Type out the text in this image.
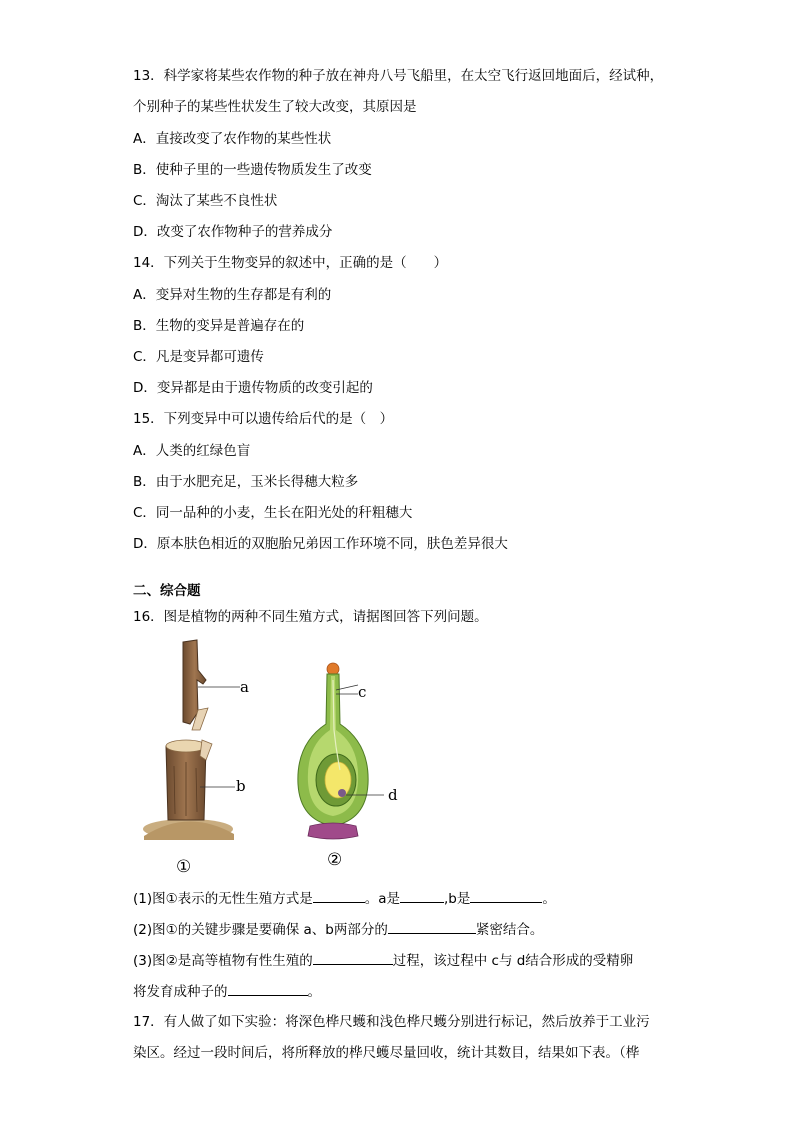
13．科学家将某些农作物的种子放在神舟八号飞船里，在太空飞行返回地面后，经试种，
个别种子的某些性状发生了较大改变，其原因是
A．直接改变了农作物的某些性状
B．使种子里的一些遗传物质发生了改变
C．淘汰了某些不良性状
D．改变了农作物种子的营养成分
14．下列关于生物变异的叙述中，正确的是（　　）
A．变异对生物的生存都是有利的
B．生物的变异是普遍存在的
C．凡是变异都可遗传
D．变异都是由于遗传物质的改变引起的
15．下列变异中可以遗传给后代的是（　）
A．人类的红绿色盲
B．由于水肥充足，玉米长得穗大粒多
C．同一品种的小麦，生长在阳光处的秆粗穗大
D．原本肤色相近的双胞胎兄弟因工作环境不同，肤色差异很大
二、综合题
16．图是植物的两种不同生殖方式，请据图回答下列问题。
a
b
①
c
d
②
(1)图①表示的无性生殖方式是	。a是	,b是	。
(2)图①的关键步骤是要确保 a、b两部分的	紧密结合。
(3)图②是高等植物有性生殖的	过程，该过程中 c与 d结合形成的受精卵
将发育成种子的	。
17．有人做了如下实验：将深色桦尺蠖和浅色桦尺蠖分别进行标记，然后放养于工业污
染区。经过一段时间后，将所释放的桦尺蠖尽量回收，统计其数目，结果如下表。（桦
